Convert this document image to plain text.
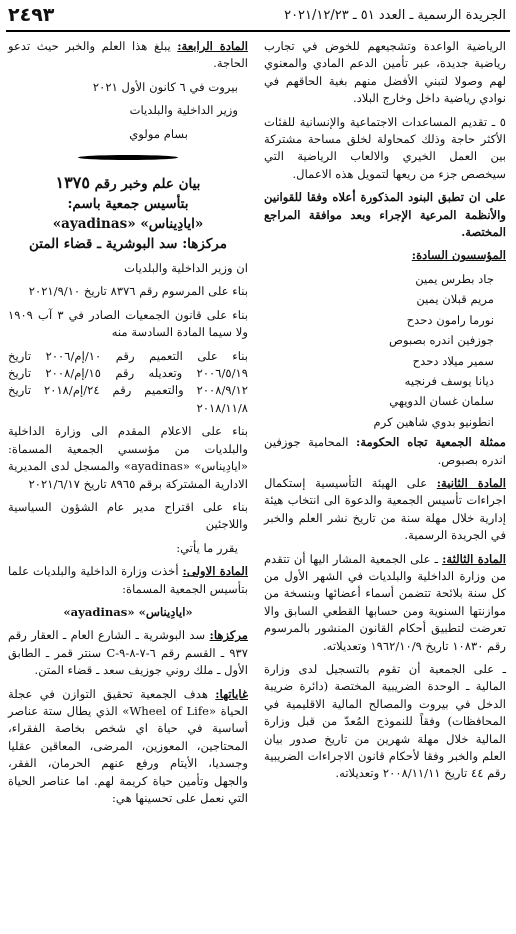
الجريدة الرسمية ـ العدد ٥١ ـ ٢٠٢١/١٢/٢٣
٢٤٩٣

الرياضية الواعدة وتشجيعهم للخوض في تجارب رياضية جديدة، عبر تأمين الدعم المادي والمعنوي لهم وصولا لتبني الأفضل منهم بغية الحاقهم في نوادي رياضية داخل وخارج البلاد.

٥ ـ تقديم المساعدات الاجتماعية والإنسانية للفئات الأكثر حاجة وذلك كمحاولة لخلق مساحة مشتركة بين العمل الخيري والالعاب الرياضية التي سيخصص جزء من ريعها لتمويل هذه الاعمال.

على ان تطبق البنود المذكورة أعلاه وفقا للقوانين والأنظمة المرعية الإجراء وبعد موافقة المراجع المختصة.

المؤسسون السادة:

جاد بطرس يمين

مريم قبلان يمين

نورما رامون دحدح

جوزفين اندره بصبوص

سمير ميلاد دحدح

ديانا يوسف فرنجيه

سلمان غسان الدويهي

انطونيو بدوي شاهين كرم

ممثلة الجمعية تجاه الحكومة: المحامية جوزفين اندره بصبوص.

المادة الثانية: على الهيئة التأسيسية إستكمال اجراءات تأسيس الجمعية والدعوة الى انتخاب هيئة إدارية خلال مهلة سنة من تاريخ نشر العلم والخبر في الجريدة الرسمية.

المادة الثالثة: ـ على الجمعية المشار اليها أن تتقدم من وزارة الداخلية والبلديات في الشهر الأول من كل سنة بلائحة تتضمن أسماء أعضائها وبنسخة من موازنتها السنوية ومن حسابها القطعي السابق والا تعرضت لتطبيق أحكام القانون المنشور بالمرسوم رقم ١٠٨٣٠ تاريخ ١٩٦٢/١٠/٩ وتعديلاته.

ـ على الجمعية أن تقوم بالتسجيل لدى وزارة المالية ـ الوحدة الضريبية المختصة (دائرة ضريبة الدخل في بيروت والمصالح المالية الاقليمية في المحافظات) وفقاً للنموذج المُعدّ من قبل وزارة المالية خلال مهلة شهرين من تاريخ صدور بيان العلم والخبر وفقا لأحكام قانون الاجراءات الضريبية رقم ٤٤ تاريخ ٢٠٠٨/١١/١١ وتعديلاته.

المادة الرابعة: يبلغ هذا العلم والخبر حيث تدعو الحاجة.

بيروت في ٦ كانون الأول ٢٠٢١

وزير الداخلية والبلديات

بسام مولوي

بيان علم وخبر رقم ١٣٧٥
بتأسيس جمعية باسم:
«ايادِيناس» «ayadinas»
مركزها: سد البوشرية ـ قضاء المتن

ان وزير الداخلية والبلديات

بناء على المرسوم رقم ٨٣٧٦ تاريخ ٢٠٢١/٩/١٠

بناء على قانون الجمعيات الصادر في ٣ آب ١٩٠٩ ولا سيما المادة السادسة منه

بناء على التعميم رقم ١٠/إم/٢٠٠٦ تاريخ ٢٠٠٦/٥/١٩ وتعديله رقم ١٥/إم/٢٠٠٨ تاريخ ٢٠٠٨/٩/١٢ والتعميم رقم ٢٤/إم/٢٠١٨ تاريخ ٢٠١٨/١١/٨

بناء على الاعلام المقدم الى وزارة الداخلية والبلديات من مؤسسي الجمعية المسماة: «ايادِيناس» «ayadinas» والمسجل لدى المديرية الادارية المشتركة برقم ٨٩٦٥ تاريخ ٢٠٢١/٦/١٧

بناء على اقتراح مدير عام الشؤون السياسية واللاجئين

يقرر ما يأتي:

المادة الاولى: أخذت وزارة الداخلية والبلديات علما بتأسيس الجمعية المسماة:

«ايادِيناس» «ayadinas»

مركزها: سد البوشرية ـ الشارع العام ـ العقار رقم ٩٣٧ ـ القسم رقم ٦-٧-٨-٩-C سنتر قمر ـ الطابق الأول ـ ملك روني جوزيف سعد ـ قضاء المتن.

غاياتها: هدف الجمعية تحقيق التوازن في عجلة الحياة «Wheel of Life» الذي يطال ستة عناصر أساسية في حياة اي شخص بخاصة الفقراء، المحتاجين، المعوزين، المرضى، المعاقين عقليا وجسديا، الأيتام ورفع عنهم الحرمان، الفقر، والجهل وتأمين حياة كريمة لهم. اما عناصر الحياة التي نعمل على تحسينها هي:
